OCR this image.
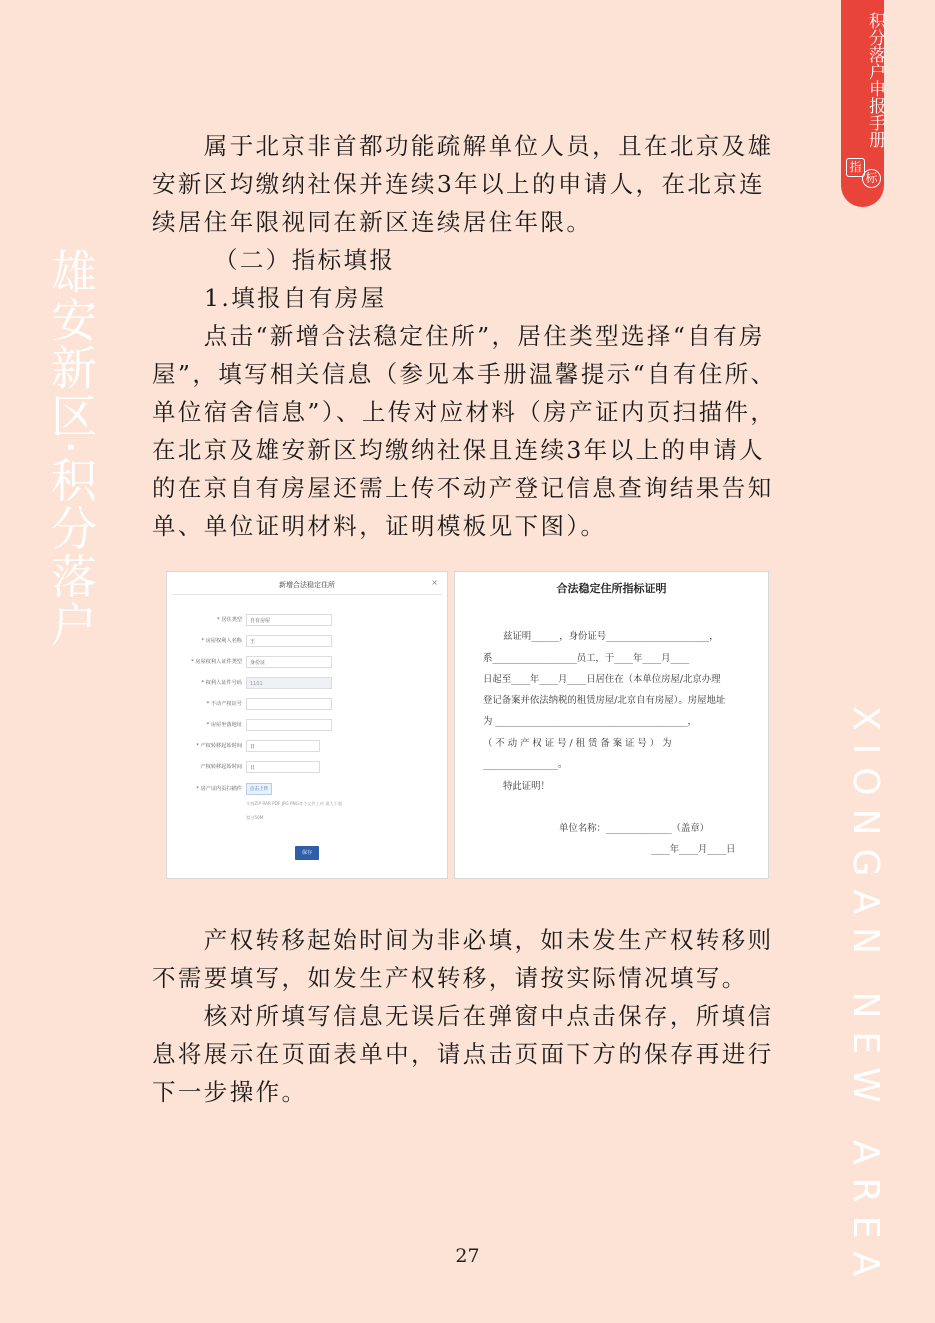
积分落户申报手册
指
标
雄安新区·积分落户
XIONGAN NEW AREA
属于北京非首都功能疏解单位人员，且在北京及雄安新区均缴纳社保并连续3年以上的申请人，在北京连续居住年限视同在新区连续居住年限。
（二）指标填报
1.填报自有房屋
点击“新增合法稳定住所”，居住类型选择“自有房屋”，填写相关信息（参见本手册温馨提示“自有住所、单位宿舍信息”）、上传对应材料（房产证内页扫描件，在北京及雄安新区均缴纳社保且连续3年以上的申请人的在京自有房屋还需上传不动产登记信息查询结果告知单、单位证明材料，证明模板见下图）。
新增合法稳定住所	×
* 居住类型	自有房屋
* 房屋权利人名称	王
* 房屋权利人证件类型	身份证
* 权利人证件号码	1101
* 不动产权证号
* 房屋坐落地址
* 产权转移起始时间	日
产权转移起始时间	日
* 房产证内页扫描件	点击上传
支持ZIP RAR PDF JPG PNG等个文件上传 最大不超
超过50M
保存
合法稳定住所指标证明
兹证明______，身份证号______________________，
系__________________员工，于____年____月____
日起至____年____月____日居住在（本单位房屋/北京办理
登记备案并依法纳税的租赁房屋/北京自有房屋）。房屋地址
为 _________________________________________，
（ 不 动 产 权 证 号 / 租 赁 备 案 证 号 ） 为
________________。
特此证明！
单位名称：______________（盖章）
____年____月____日
产权转移起始时间为非必填，如未发生产权转移则不需要填写，如发生产权转移，请按实际情况填写。
核对所填写信息无误后在弹窗中点击保存，所填信息将展示在页面表单中，请点击页面下方的保存再进行下一步操作。
27
